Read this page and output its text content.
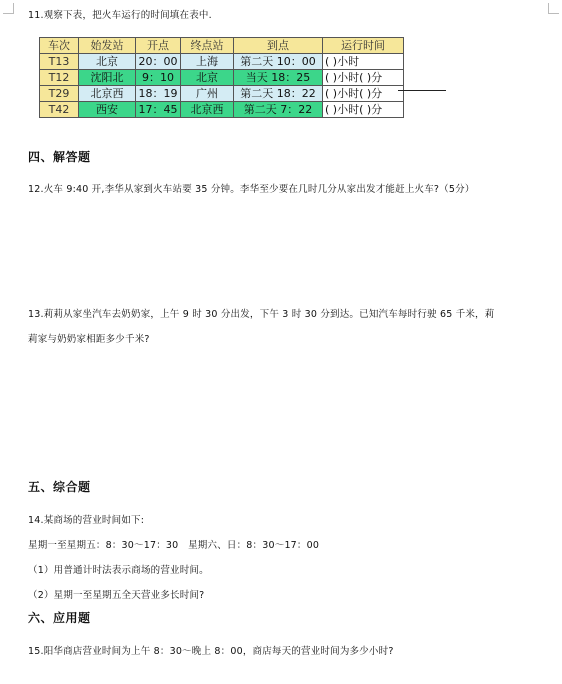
11.观察下表，把火车运行的时间填在表中.
车次	始发站	开点	终点站	到点	运行时间
T13	北京	20：00	上海	第二天 10：00	( )小时
T12	沈阳北	9：10	北京	当天 18：25	( )小时( )分
T29	北京西	18：19	广州	第二天 18：22	( )小时( )分
T42	西安	17：45	北京西	第二天 7：22	( )小时( )分
四、解答题
12.火车 9:40 开,李华从家到火车站要 35 分钟。李华至少要在几时几分从家出发才能赶上火车?（5分）
13.莉莉从家坐汽车去奶奶家，上午 9 时 30 分出发，下午 3 时 30 分到达。已知汽车每时行驶 65 千米，莉
莉家与奶奶家相距多少千米?
五、综合题
14.某商场的营业时间如下:
星期一至星期五：8：30～17：30　星期六、日：8：30～17：00
（1）用普通计时法表示商场的营业时间。
（2）星期一至星期五全天营业多长时间?
六、应用题
15.阳华商店营业时间为上午 8：30～晚上 8：00，商店每天的营业时间为多少小时?
